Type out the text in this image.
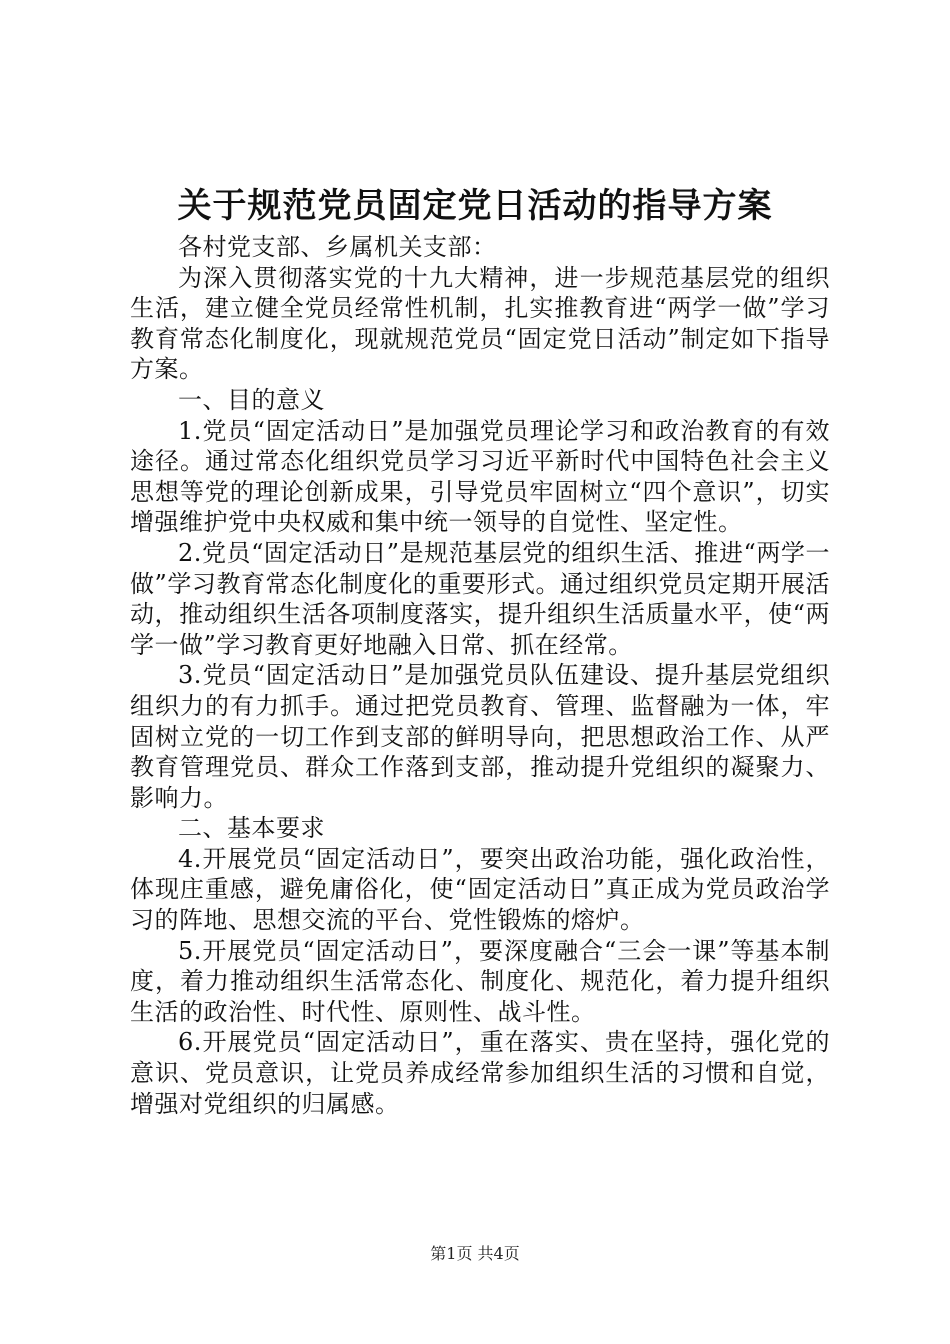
关于规范党员固定党日活动的指导方案

各村党支部、乡属机关支部：

为深入贯彻落实党的十九大精神，进一步规范基层党的组织生活，建立健全党员经常性机制，扎实推教育进“两学一做”学习教育常态化制度化，现就规范党员“固定党日活动”制定如下指导方案。

一、目的意义

1.党员“固定活动日”是加强党员理论学习和政治教育的有效途径。通过常态化组织党员学习习近平新时代中国特色社会主义思想等党的理论创新成果，引导党员牢固树立“四个意识”，切实增强维护党中央权威和集中统一领导的自觉性、坚定性。

2.党员“固定活动日”是规范基层党的组织生活、推进“两学一做”学习教育常态化制度化的重要形式。通过组织党员定期开展活动，推动组织生活各项制度落实，提升组织生活质量水平，使“两学一做”学习教育更好地融入日常、抓在经常。

3.党员“固定活动日”是加强党员队伍建设、提升基层党组织组织力的有力抓手。通过把党员教育、管理、监督融为一体，牢固树立党的一切工作到支部的鲜明导向，把思想政治工作、从严教育管理党员、群众工作落到支部，推动提升党组织的凝聚力、影响力。

二、基本要求

4.开展党员“固定活动日”，要突出政治功能，强化政治性，体现庄重感，避免庸俗化，使“固定活动日”真正成为党员政治学习的阵地、思想交流的平台、党性锻炼的熔炉。

5.开展党员“固定活动日”，要深度融合“三会一课”等基本制度，着力推动组织生活常态化、制度化、规范化，着力提升组织生活的政治性、时代性、原则性、战斗性。

6.开展党员“固定活动日”，重在落实、贵在坚持，强化党的意识、党员意识，让党员养成经常参加组织生活的习惯和自觉，增强对党组织的归属感。

第1页 共4页
